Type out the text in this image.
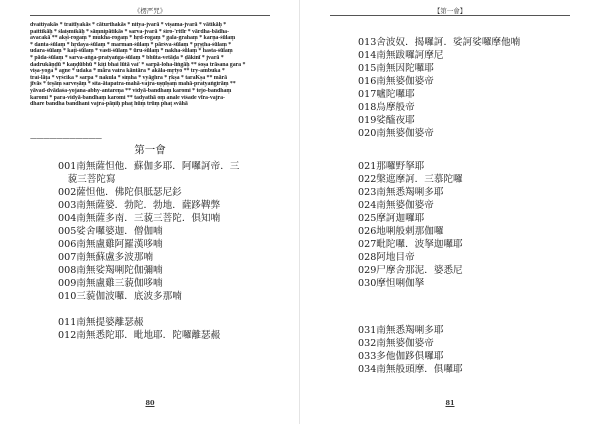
《楞严咒》
dvaitiyakās * traitīyakās * cāturthakās * nitya-jvarā * viṣama-jvarā * vātikāḥ *
paittikāḥ * ślaiṣmikāḥ * sāṃnipātikās * sarva-jvarā * śiro-'rttīr * vārdha-bādha-
avacakā ** akṣi-rogaṃ * mukha-rogaṃ * hṛd-rogaṃ * gala-grahaṃ * karṇa-śūlaṃ
* danta-śūlaṃ * hṛdaya-śūlaṃ * marman-śūlaṃ * pārśva-śūlaṃ * pṛṣṭha-śūlaṃ *
udara-śūlaṃ * kaṭi-śūlaṃ * vasti-śūlaṃ * ūru-śūlaṃ * nakha-śūlaṃ * hasta-śūlaṃ
* pāda-śūlaṃ * sarva-aṅga-pratyaṅga-śūlaṃ * bhūta-vetāḍa * ḍākinī * jvarā *
dadrukāṇḍū * kaṇḍūbhū * kiṭi bhai lūtā vaiʹ * sarpā-loha-liṅgāḥ ** śoṣa trāsana gara *
viṣa-yoga * agne * udaka * māra vaira kāntāra * akāla-mṛtyo ** try-ambuka *
trai-lāṭa * vṛścika * sarpa * nakula * siṃha * vyāghra * ṛkṣa * taraKṣa ** mārā
jīvās * teṣāṃ sarveṣāṃ * sita-ātapatra-mahā-vajra-uṣṇīṣaṃ mahā-pratyaṅgirāṃ **
yāvad-dvādaśa-yojana-abhy-antareṇa ** vidyā-bandhaṃ karomi * tejo-bandhaṃ
karomi * para-vidyā-bandhaṃ karomi ** tadyathā oṃ anale viśade vīra-vajra-
dhare bandha bandhani vajra-pāṇiḥ phaṭ hūṃ trūṃ phaṭ svāhā
———————————
第一會
001南無薩怛他．蘇伽多耶．阿囉訶帝．三
　藐三菩陀寫
002薩怛他．佛陀俱胝瑟尼釤
003南無薩婆．勃陀．勃地．薩跢鞞弊
004南無薩多南．三藐三菩陀．俱知喃
005娑舍囉婆迦．僧伽喃
006南無盧雞阿羅漢哆喃
007南無蘇盧多波那喃
008南無娑羯唎陀伽彌喃
009南無盧雞三藐伽哆喃
010三藐伽波囉．底波多那喃
011南無提婆離瑟赧
012南無悉陀耶．毗地耶．陀囉離瑟赧
80
【第一會】
013舍波奴．揭囉訶．娑訶娑囉摩他喃
014南無跋囉訶摩尼
015南無因陀囉耶
016南無婆伽婆帝
017嚧陀囉耶
018烏摩般帝
019娑醯夜耶
020南無婆伽婆帝
021那囉野拏耶
022槃遮摩訶．三慕陀囉
023南無悉羯唎多耶
024南無婆伽婆帝
025摩訶迦囉耶
026地唎般剌那伽囉
027毗陀囉．波拏迦囉耶
028阿地目帝
029尸摩舍那泥．婆悉尼
030摩怛唎伽拏
031南無悉羯唎多耶
032南無婆伽婆帝
033多他伽跢俱囉耶
034南無般頭摩．俱囉耶
81
